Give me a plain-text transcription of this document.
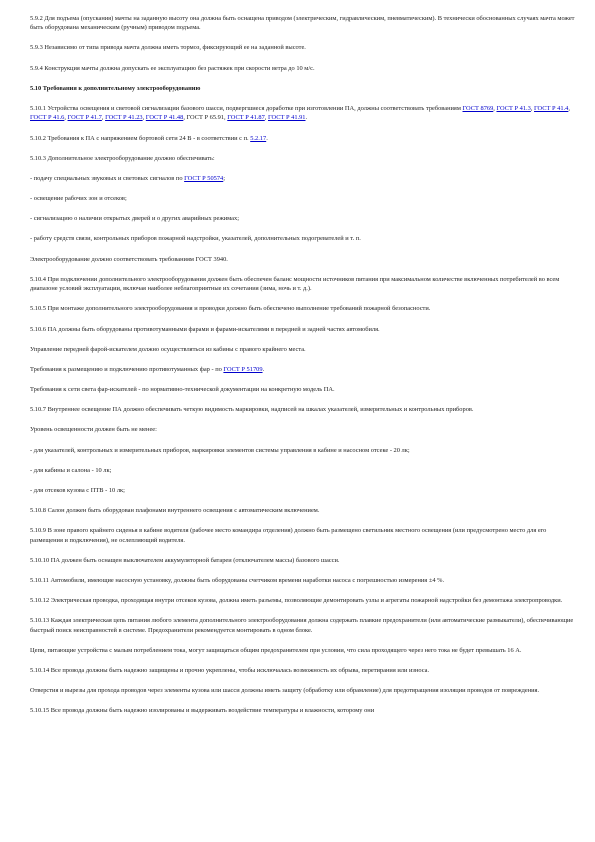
5.9.2 Для подъема (опускания) мачты на заданную высоту она должна быть оснащена приводом (электрическим, гидравлическим, пневматическим). В технически обоснованных случаях мачта может быть оборудована механическим (ручным) приводом подъема.

5.9.3 Независимо от типа привода мачта должна иметь тормоз, фиксирующий ее на заданной высоте.

5.9.4 Конструкция мачты должна допускать ее эксплуатацию без растяжек при скорости ветра до 10 м/с.

5.10 Требования к дополнительному электрооборудованию

5.10.1 Устройства освещения и световой сигнализации базового шасси, подвергшиеся доработке при изготовлении ПА, должны соответствовать требованиям ГОСТ 8769, ГОСТ Р 41.3, ГОСТ Р 41.4, ГОСТ Р 41.6, ГОСТ Р 41.7, ГОСТ Р 41.23, ГОСТ Р 41.48, ГОСТ Р 65.91, ГОСТ Р 41.87, ГОСТ Р 41.91.

5.10.2 Требования к ПА с напряжением бортовой сети 24 В - в соответствии с п. 5.2.17.

5.10.3 Дополнительное электрооборудование должно обеспечивать:

- подачу специальных звуковых и световых сигналов по ГОСТ Р 50574;

- освещение рабочих зон и отсеков;

- сигнализацию о наличии открытых дверей и о других аварийных режимах;

- работу средств связи, контрольных приборов пожарной надстройки, указателей, дополнительных подогревателей и т. п.

Электрооборудование должно соответствовать требованиям ГОСТ 3940.

5.10.4 При подключении дополнительного электрооборудования должен быть обеспечен баланс мощности источников питания при максимальном количестве включенных потребителей во всем диапазоне условий эксплуатации, включая наиболее неблагоприятные их сочетания (зима, ночь и т. д.).

5.10.5 При монтаже дополнительного электрооборудования и проводки должно быть обеспечено выполнение требований пожарной безопасности.

5.10.6 ПА должны быть оборудованы противотуманными фарами и фарами-искателями в передней и задней частях автомобиля.

Управление передней фарой-искателем должно осуществляться из кабины с правого крайнего места.

Требования к размещению и подключению противотуманных фар - по ГОСТ Р 51709.

Требования к сети света фар-искателей - по нормативно-технической документации на конкретную модель ПА.

5.10.7 Внутреннее освещение ПА должно обеспечивать четкую видимость маркировки, надписей на шкалах указателей, измерительных и контрольных приборов.

Уровень освещенности должен быть не менее:

- для указателей, контрольных и измерительных приборов, маркировки элементов системы управления в кабине и насосном отсеке - 20 лк;

- для кабины и салона - 10 лк;

- для отсеков кузова с ПТВ - 10 лк;

5.10.8 Салон должен быть оборудован плафонами внутреннего освещения с автоматическим включением.

5.10.9 В зоне правого крайнего сиденья в кабине водителя (рабочее место командира отделения) должно быть размещено светильник местного освещения (или предусмотрено место для его размещения и подключения), не ослепляющий водителя.

5.10.10 ПА должен быть оснащен выключателем аккумуляторной батареи (отключателем массы) базового шасси.

5.10.11 Автомобили, имеющие насосную установку, должны быть оборудованы счетчиком времени наработки насоса с погрешностью измерения ±4 %.

5.10.12 Электрическая проводка, проходящая внутри отсеков кузова, должна иметь разъемы, позволяющие демонтировать узлы и агрегаты пожарной надстройки без демонтажа электропроводки.

5.10.13 Каждая электрическая цепь питания любого элемента дополнительного электрооборудования должна содержать плавкие предохранители (или автоматические размыкатели), обеспечивающие быстрый поиск неисправностей в системе. Предохранители рекомендуется монтировать в одном блоке.

Цепи, питающие устройства с малым потреблением тока, могут защищаться общим предохранителем при условии, что сила проходящего через него тока не будет превышать 16 А.

5.10.14 Все провода должны быть надежно защищены и прочно укреплены, чтобы исключалась возможность их обрыва, перетирания или износа.

Отверстия и вырезы для прохода проводов через элементы кузова или шасси должны иметь защиту (обработку или обрамление) для предотвращения изоляции проводов от повреждения.

5.10.15 Все провода должны быть надежно изолированы и выдерживать воздействие температуры и влажности, которому они
